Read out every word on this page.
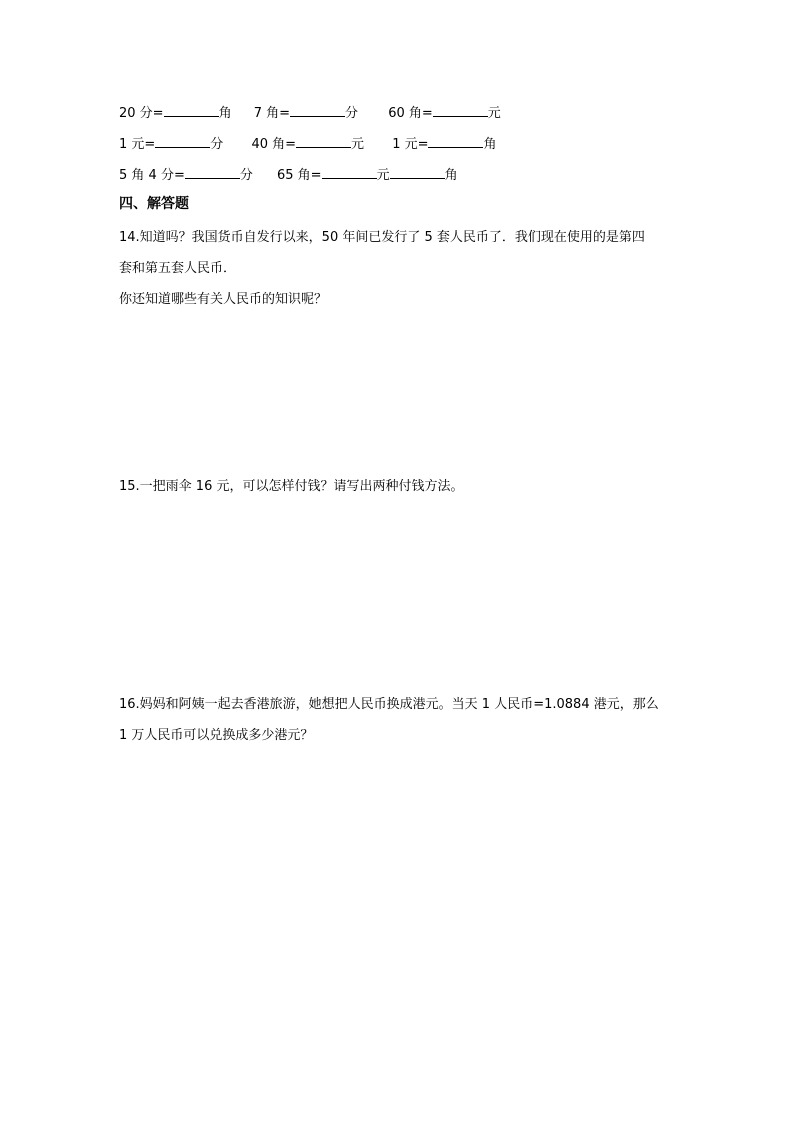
20 分=	角 7 角=	分 60 角=	元
1 元=	分 40 角=	元 1 元=	角
5 角 4 分=	分 65 角=	元	角
四、解答题
14.知道吗？我国货币自发行以来，50 年间已发行了 5 套人民币了．我们现在使用的是第四
套和第五套人民币．
你还知道哪些有关人民币的知识呢？
15.一把雨伞 16 元，可以怎样付钱？请写出两种付钱方法。
16.妈妈和阿姨一起去香港旅游，她想把人民币换成港元。当天 1 人民币=1.0884 港元，那么
1 万人民币可以兑换成多少港元？
